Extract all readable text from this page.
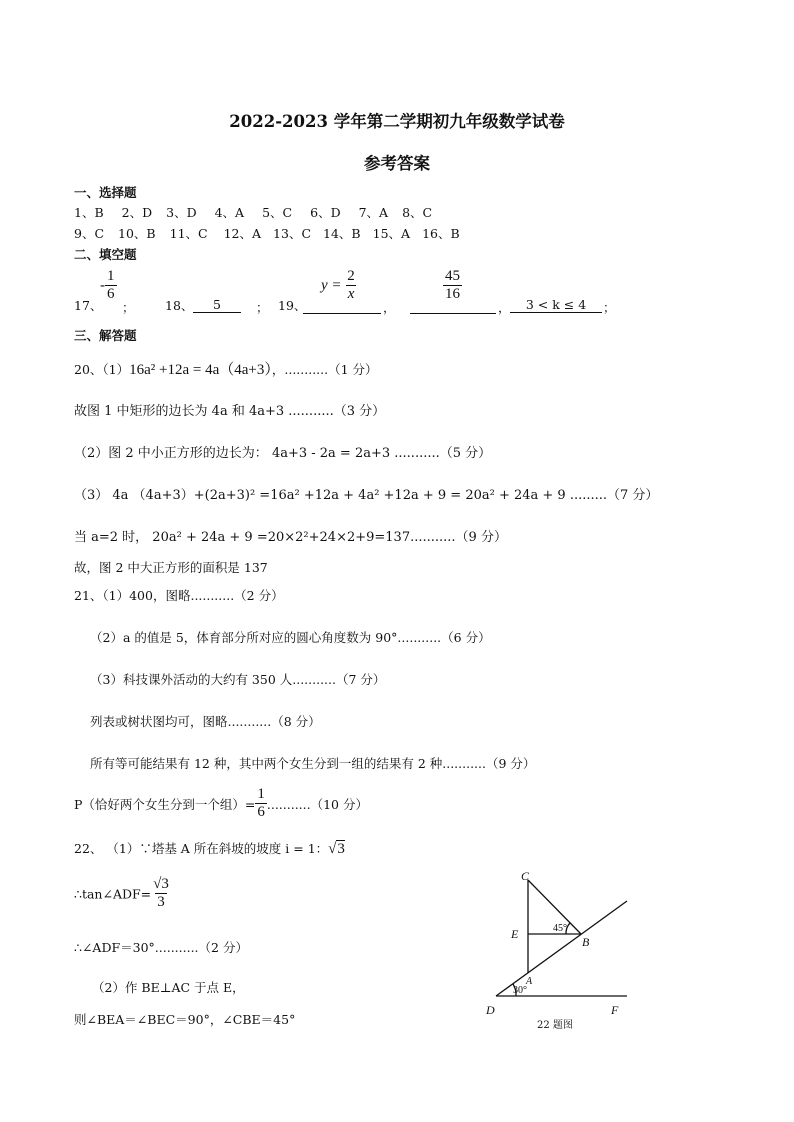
2022-2023 学年第二学期初九年级数学试卷
参考答案
一、选择题
1、B 2、D 3、D 4、A 5、C 6、D 7、A 8、C
9、C 10、B 11、C 12、A 13、C 14、B 15、A 16、B
二、填空题
17、
- $\frac{1}{6}$
； 18、	5	； 19、
$y = \frac{2}{x}$
，
$\frac{45}{16}$
，	3 < k ≤ 4	；
三、解答题
20、（1）16a² +12a = 4a（4a+3），...........（1 分）
故图 1 中矩形的边长为 4a 和 4a+3 ...........（3 分）
（2）图 2 中小正方形的边长为： 4a+3 - 2a = 2a+3 ...........（5 分）
（3） 4a （4a+3）+(2a+3)² =16a² +12a + 4a² +12a + 9 = 20a² + 24a + 9 .........（7 分）
当 a=2 时， 20a² + 24a + 9 =20×2²+24×2+9=137...........（9 分）
故，图 2 中大正方形的面积是 137
21、（1）400，图略...........（2 分）
（2）a 的值是 5，体育部分所对应的圆心角度数为 90°...........（6 分）
（3）科技课外活动的大约有 350 人...........（7 分）
列表或树状图均可，图略...........（8 分）
所有等可能结果有 12 种，其中两个女生分到一组的结果有 2 种...........（9 分）
P（恰好两个女生分到一个组）= $\frac{1}{6} ...........(10$ 分）
22、 （1）∵塔基 A 所在斜坡的坡度 i = 1：√3
∴tan∠ADF= $\frac{√3}{3}$
∴∠ADF＝30°...........（2 分）
（2）作 BE⊥AC 于点 E，
则∠BEA＝∠BEC＝90°，∠CBE＝45°
C
E
B
A
D	F
45°
30°
22 题图
